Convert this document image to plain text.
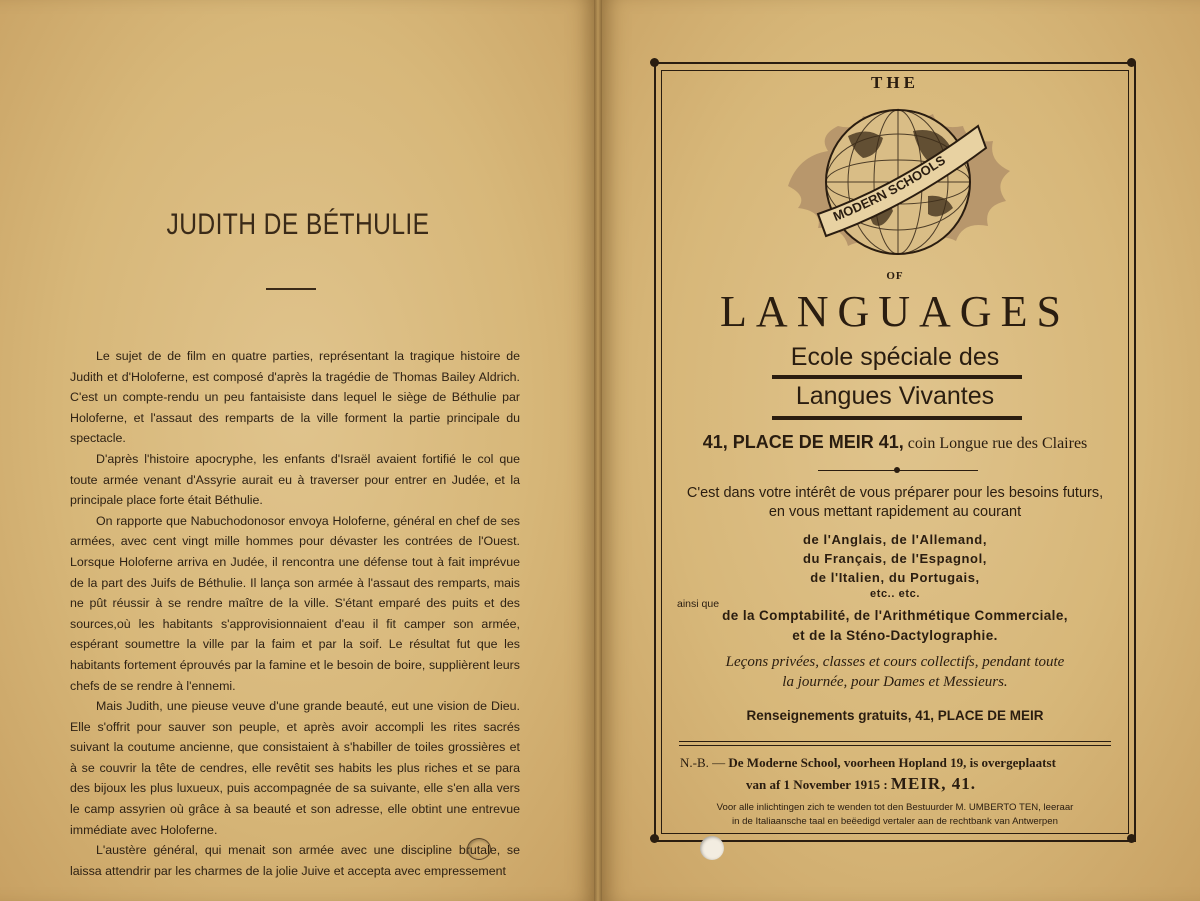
JUDITH DE BÉTHULIE

Le sujet de de film en quatre parties, représentant la tragique histoire de Judith et d'Holoferne, est composé d'après la tragédie de Thomas Bailey Aldrich. C'est un compte-rendu un peu fantaisiste dans lequel le siège de Béthulie par Holoferne, et l'assaut des remparts de la ville forment la partie principale du spectacle.

D'après l'histoire apocryphe, les enfants d'Israël avaient fortifié le col que toute armée venant d'Assyrie aurait eu à traverser pour entrer en Judée, et la principale place forte était Béthulie.

On rapporte que Nabuchodonosor envoya Holoferne, général en chef de ses armées, avec cent vingt mille hommes pour dévaster les contrées de l'Ouest. Lorsque Holoferne arriva en Judée, il rencontra une défense tout à fait imprévue de la part des Juifs de Béthulie. Il lança son armée à l'assaut des remparts, mais ne pût réussir à se rendre maître de la ville. S'étant emparé des puits et des sources,où les habitants s'approvisionnaient d'eau il fit camper son armée, espérant soumettre la ville par la faim et par la soif. Le résultat fut que les habitants fortement éprouvés par la famine et le besoin de boire, supplièrent leurs chefs de se rendre à l'ennemi.

Mais Judith, une pieuse veuve d'une grande beauté, eut une vision de Dieu. Elle s'offrit pour sauver son peuple, et après avoir accompli les rites sacrés suivant la coutume ancienne, que consistaient à s'habiller de toiles grossières et à se couvrir la tête de cendres, elle revêtit ses habits les plus riches et se para des bijoux les plus luxueux, puis accompagnée de sa suivante, elle s'en alla vers le camp assyrien où grâce à sa beauté et son adresse, elle obtint une entrevue immédiate avec Holoferne.

L'austère général, qui menait son armée avec une discipline brutale, se laissa attendrir par les charmes de la jolie Juive et accepta avec empressement

THE
MODERN SCHOOLS
OF
LANGUAGES
Ecole spéciale des
Langues Vivantes
41, PLACE DE MEIR 41, coin Longue rue des Claires
C'est dans votre intérêt de vous préparer pour les besoins futurs,
en vous mettant rapidement au courant
de l'Anglais, de l'Allemand,
du Français, de l'Espagnol,
de l'Italien, du Portugais,
etc.. etc.
ainsi que
de la Comptabilité, de l'Arithmétique Commerciale,
et de la Sténo-Dactylographie.
Leçons privées, classes et cours collectifs, pendant toute
la journée, pour Dames et Messieurs.
Renseignements gratuits, 41, PLACE DE MEIR
N.-B. — De Moderne School, voorheen Hopland 19, is overgeplaatst
van af 1 November 1915 : MEIR, 41.
Voor alle inlichtingen zich te wenden tot den Bestuurder M. UMBERTO TEN, leeraar
in de Italiaansche taal en beëedigd vertaler aan de rechtbank van Antwerpen
